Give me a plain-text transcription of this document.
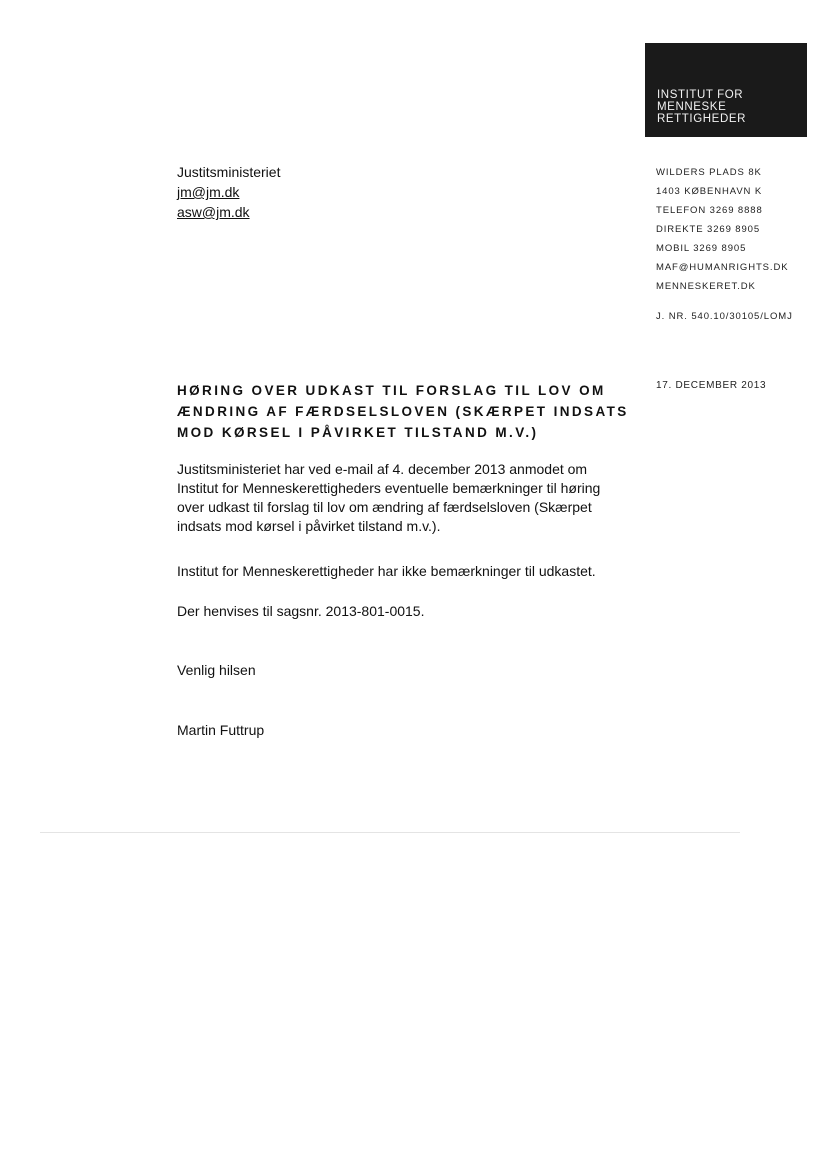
INSTITUT FOR
MENNESKE
RETTIGHEDER
Justitsministeriet
jm@jm.dk
asw@jm.dk
WILDERS PLADS 8K
1403 KØBENHAVN K
TELEFON 3269 8888
DIREKTE 3269 8905
MOBIL 3269 8905
MAF@HUMANRIGHTS.DK
MENNESKERET.DK
J. NR. 540.10/30105/LOMJ
17. DECEMBER 2013
HØRING OVER UDKAST TIL FORSLAG TIL LOV OM
ÆNDRING AF FÆRDSELSLOVEN (SKÆRPET INDSATS
MOD KØRSEL I PÅVIRKET TILSTAND M.V.)

Justitsministeriet har ved e-mail af 4. december 2013 anmodet om
Institut for Menneskerettigheders eventuelle bemærkninger til høring
over udkast til forslag til lov om ændring af færdselsloven (Skærpet
indsats mod kørsel i påvirket tilstand m.v.).

Institut for Menneskerettigheder har ikke bemærkninger til udkastet.

Der henvises til sagsnr. 2013-801-0015.

Venlig hilsen

Martin Futtrup
